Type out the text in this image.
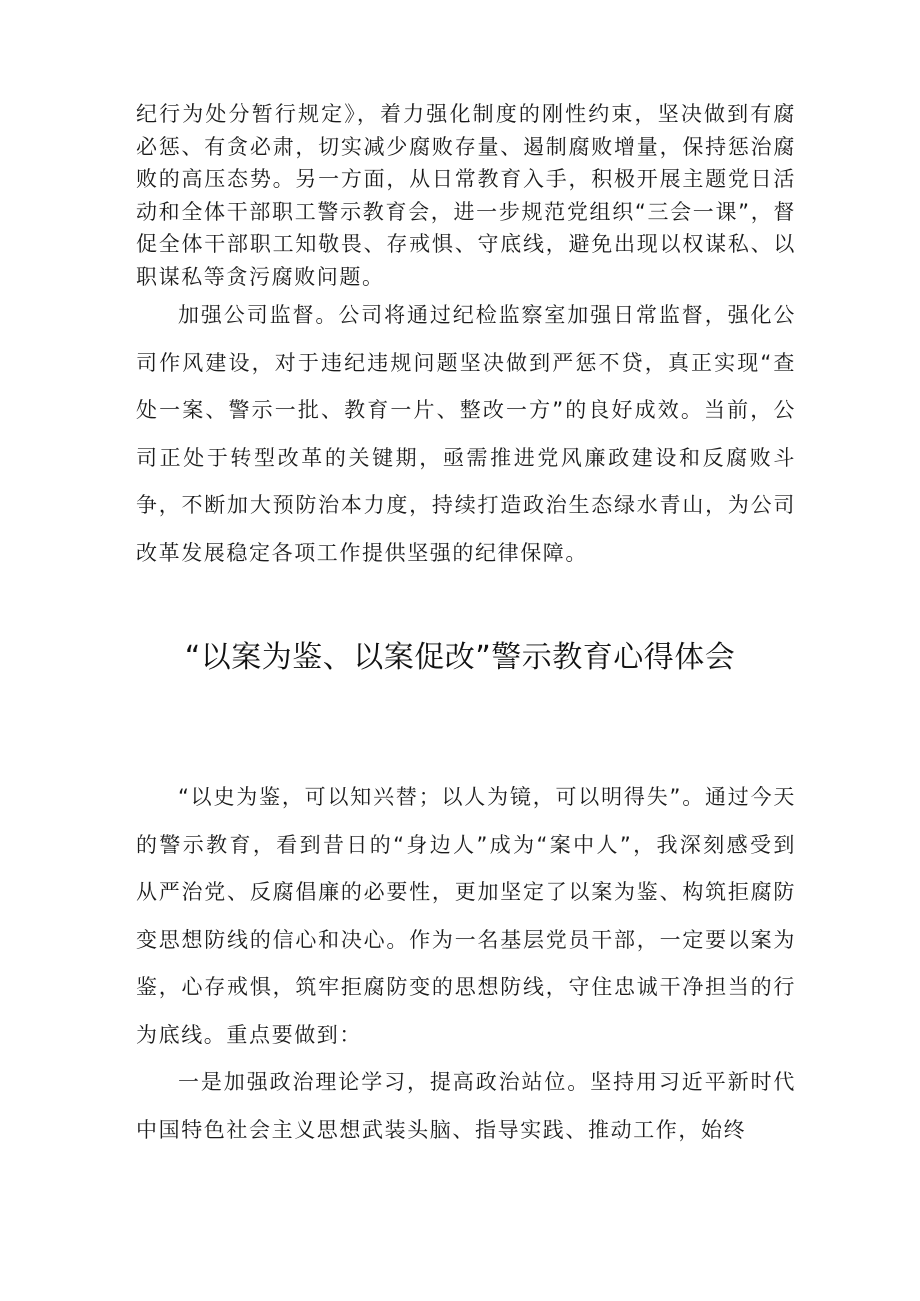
纪行为处分暂行规定》，着力强化制度的刚性约束，坚决做到有腐必惩、有贪必肃，切实减少腐败存量、遏制腐败增量，保持惩治腐败的高压态势。另一方面，从日常教育入手，积极开展主题党日活动和全体干部职工警示教育会，进一步规范党组织“三会一课”，督促全体干部职工知敬畏、存戒惧、守底线，避免出现以权谋私、以职谋私等贪污腐败问题。

加强公司监督。公司将通过纪检监察室加强日常监督，强化公司作风建设，对于违纪违规问题坚决做到严惩不贷，真正实现“查处一案、警示一批、教育一片、整改一方”的良好成效。当前，公司正处于转型改革的关键期，亟需推进党风廉政建设和反腐败斗争，不断加大预防治本力度，持续打造政治生态绿水青山，为公司改革发展稳定各项工作提供坚强的纪律保障。

“以案为鉴、以案促改”警示教育心得体会

“以史为鉴，可以知兴替；以人为镜，可以明得失”。通过今天的警示教育，看到昔日的“身边人”成为“案中人”，我深刻感受到从严治党、反腐倡廉的必要性，更加坚定了以案为鉴、构筑拒腐防变思想防线的信心和决心。作为一名基层党员干部，一定要以案为鉴，心存戒惧，筑牢拒腐防变的思想防线，守住忠诚干净担当的行为底线。重点要做到：

一是加强政治理论学习，提高政治站位。坚持用习近平新时代中国特色社会主义思想武装头脑、指导实践、推动工作，始终
